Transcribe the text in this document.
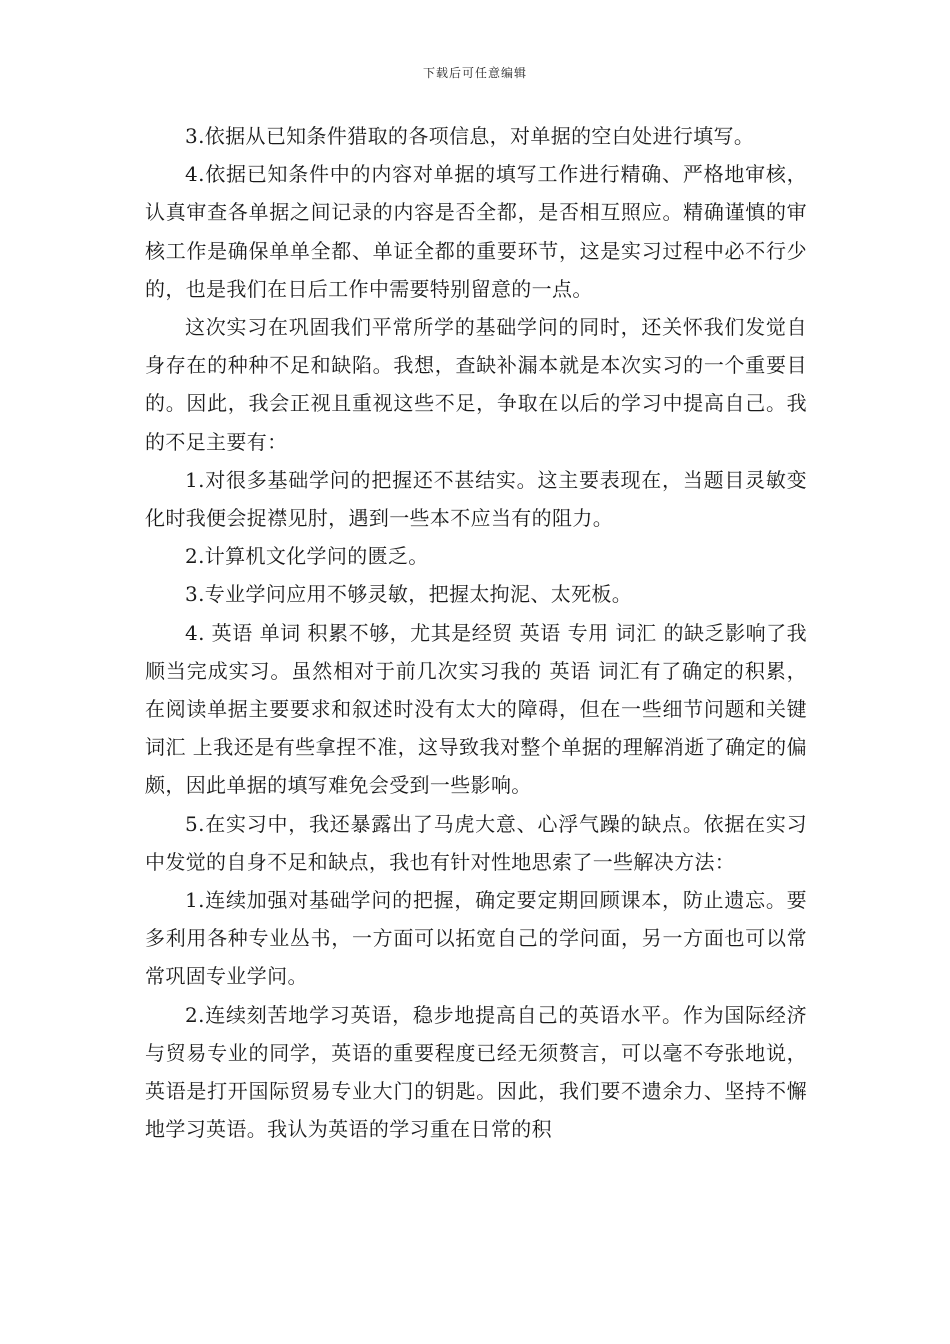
下载后可任意编辑

3.依据从已知条件猎取的各项信息，对单据的空白处进行填写。

4.依据已知条件中的内容对单据的填写工作进行精确、严格地审核，认真审查各单据之间记录的内容是否全都，是否相互照应。精确谨慎的审核工作是确保单单全都、单证全都的重要环节，这是实习过程中必不行少的，也是我们在日后工作中需要特别留意的一点。

这次实习在巩固我们平常所学的基础学问的同时，还关怀我们发觉自身存在的种种不足和缺陷。我想，查缺补漏本就是本次实习的一个重要目的。因此，我会正视且重视这些不足，争取在以后的学习中提高自己。我的不足主要有：

1.对很多基础学问的把握还不甚结实。这主要表现在，当题目灵敏变化时我便会捉襟见肘，遇到一些本不应当有的阻力。

2.计算机文化学问的匮乏。

3.专业学问应用不够灵敏，把握太拘泥、太死板。

4. 英语 单词 积累不够，尤其是经贸 英语 专用 词汇 的缺乏影响了我顺当完成实习。虽然相对于前几次实习我的 英语 词汇有了确定的积累，在阅读单据主要要求和叙述时没有太大的障碍，但在一些细节问题和关键 词汇 上我还是有些拿捏不准，这导致我对整个单据的理解消逝了确定的偏颇，因此单据的填写难免会受到一些影响。

5.在实习中，我还暴露出了马虎大意、心浮气躁的缺点。依据在实习中发觉的自身不足和缺点，我也有针对性地思索了一些解决方法：

1.连续加强对基础学问的把握，确定要定期回顾课本，防止遗忘。要多利用各种专业丛书，一方面可以拓宽自己的学问面，另一方面也可以常常巩固专业学问。

2.连续刻苦地学习英语，稳步地提高自己的英语水平。作为国际经济与贸易专业的同学，英语的重要程度已经无须赘言，可以毫不夸张地说，英语是打开国际贸易专业大门的钥匙。因此，我们要不遗余力、坚持不懈地学习英语。我认为英语的学习重在日常的积
